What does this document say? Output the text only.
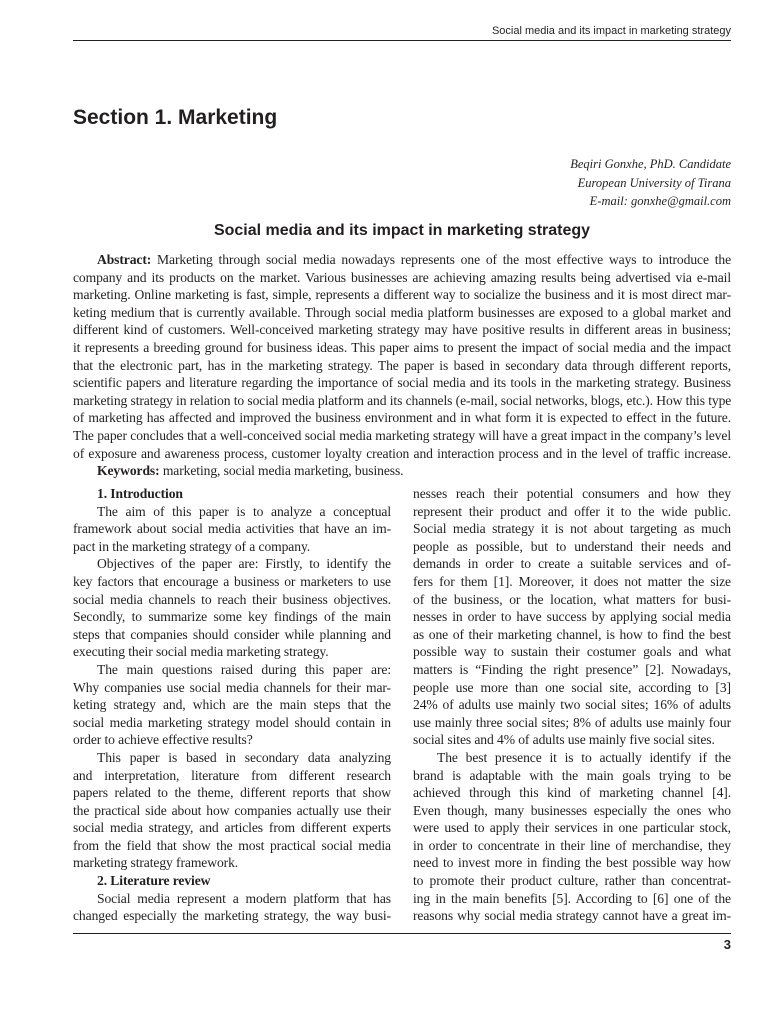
Social media and its impact in marketing strategy
Section 1. Marketing
Beqiri Gonxhe, PhD. Candidate
European University of Tirana
E-mail: gonxhe@gmail.com
Social media and its impact in marketing strategy
Abstract: Marketing through social media nowadays represents one of the most effective ways to introduce the
company and its products on the market. Various businesses are achieving amazing results being advertised via e-mail
marketing. Online marketing is fast, simple, represents a different way to socialize the business and it is most direct mar-
keting medium that is currently available. Through social media platform businesses are exposed to a global market and
different kind of customers. Well-conceived marketing strategy may have positive results in different areas in business;
it represents a breeding ground for business ideas. This paper aims to present the impact of social media and the impact
that the electronic part, has in the marketing strategy. The paper is based in secondary data through different reports,
scientific papers and literature regarding the importance of social media and its tools in the marketing strategy. Business
marketing strategy in relation to social media platform and its channels (e-mail, social networks, blogs, etc.). How this type
of marketing has affected and improved the business environment and in what form it is expected to effect in the future.
The paper concludes that a well-conceived social media marketing strategy will have a great impact in the company’s level
of exposure and awareness process, customer loyalty creation and interaction process and in the level of traffic increase.
Keywords: marketing, social media marketing, business.
1. Introduction
The aim of this paper is to analyze a conceptual
framework about social media activities that have an im-
pact in the marketing strategy of a company.
Objectives of the paper are: Firstly, to identify the
key factors that encourage a business or marketers to use
social media channels to reach their business objectives.
Secondly, to summarize some key findings of the main
steps that companies should consider while planning and
executing their social media marketing strategy.
The main questions raised during this paper are:
Why companies use social media channels for their mar-
keting strategy and, which are the main steps that the
social media marketing strategy model should contain in
order to achieve effective results?
This paper is based in secondary data analyzing
and interpretation, literature from different research
papers related to the theme, different reports that show
the practical side about how companies actually use their
social media strategy, and articles from different experts
from the field that show the most practical social media
marketing strategy framework.
2. Literature review
Social media represent a modern platform that has
changed especially the marketing strategy, the way busi-
nesses reach their potential consumers and how they
represent their product and offer it to the wide public.
Social media strategy it is not about targeting as much
people as possible, but to understand their needs and
demands in order to create a suitable services and of-
fers for them [1]. Moreover, it does not matter the size
of the business, or the location, what matters for busi-
nesses in order to have success by applying social media
as one of their marketing channel, is how to find the best
possible way to sustain their costumer goals and what
matters is “Finding the right presence” [2]. Nowadays,
people use more than one social site, according to [3]
24% of adults use mainly two social sites; 16% of adults
use mainly three social sites; 8% of adults use mainly four
social sites and 4% of adults use mainly five social sites.
The best presence it is to actually identify if the
brand is adaptable with the main goals trying to be
achieved through this kind of marketing channel [4].
Even though, many businesses especially the ones who
were used to apply their services in one particular stock,
in order to concentrate in their line of merchandise, they
need to invest more in finding the best possible way how
to promote their product culture, rather than concentrat-
ing in the main benefits [5]. According to [6] one of the
reasons why social media strategy cannot have a great im-
3
